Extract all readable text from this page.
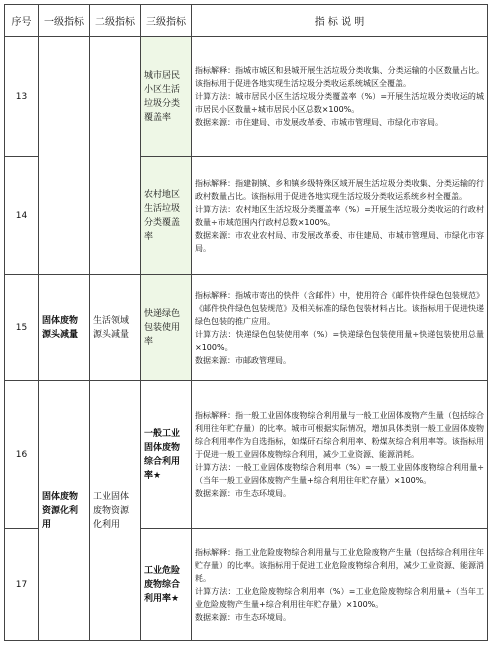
序号	一级指标	二级指标	三级指标	指 标 说 明
13			城市居民小区生活垃圾分类覆盖率	指标解释：指城市城区和县城开展生活垃圾分类收集、分类运输的小区数量占比。该指标用于促进各地实现生活垃圾分类收运系统城区全覆盖。

计算方法：城市居民小区生活垃圾分类覆盖率（%）=开展生活垃圾分类收运的城市居民小区数量÷城市居民小区总数×100%。

数据来源：市住建局、市发展改革委、市城市管理局、市绿化市容局。

14			农村地区生活垃圾分类覆盖率	指标解释：指建制镇、乡和镇乡级特殊区域开展生活垃圾分类收集、分类运输的行政村数量占比。该指标用于促进各地实现生活垃圾分类收运系统乡村全覆盖。

计算方法：农村地区生活垃圾分类覆盖率（%）=开展生活垃圾分类收运的行政村数量÷市域范围内行政村总数×100%。

数据来源：市农业农村局、市发展改革委、市住建局、市城市管理局、市绿化市容局。

15	固体废物源头减量	生活领域源头减量	快递绿色包装使用率	指标解释：指城市寄出的快件（含邮件）中，使用符合《邮件快件绿色包装规范》《邮件快件绿色包装规范》及相关标准的绿色包装材料占比。该指标用于促进快递绿色包装的推广应用。

计算方法：快递绿色包装使用率（%）=快递绿色包装使用量÷快递包装使用总量×100%。

数据来源：市邮政管理局。

16	固体废物资源化利用	工业固体废物资源化利用	一般工业固体废物综合利用率★	指标解释：指一般工业固体废物综合利用量与一般工业固体废物产生量（包括综合利用往年贮存量）的比率。城市可根据实际情况，增加具体类别一般工业固体废物综合利用率作为自选指标，如煤矸石综合利用率、粉煤灰综合利用率等。该指标用于促进一般工业固体废物综合利用，减少工业资源、能源消耗。

计算方法：一般工业固体废物综合利用率（%）=一般工业固体废物综合利用量÷（当年一般工业固体废物产生量+综合利用往年贮存量）×100%。

数据来源：市生态环境局。

17			工业危险废物综合利用率★	指标解释：指工业危险废物综合利用量与工业危险废物产生量（包括综合利用往年贮存量）的比率。该指标用于促进工业危险废物综合利用，减少工业资源、能源消耗。

计算方法：工业危险废物综合利用率（%）=工业危险废物综合利用量÷（当年工业危险废物产生量+综合利用往年贮存量）×100%。

数据来源：市生态环境局。
